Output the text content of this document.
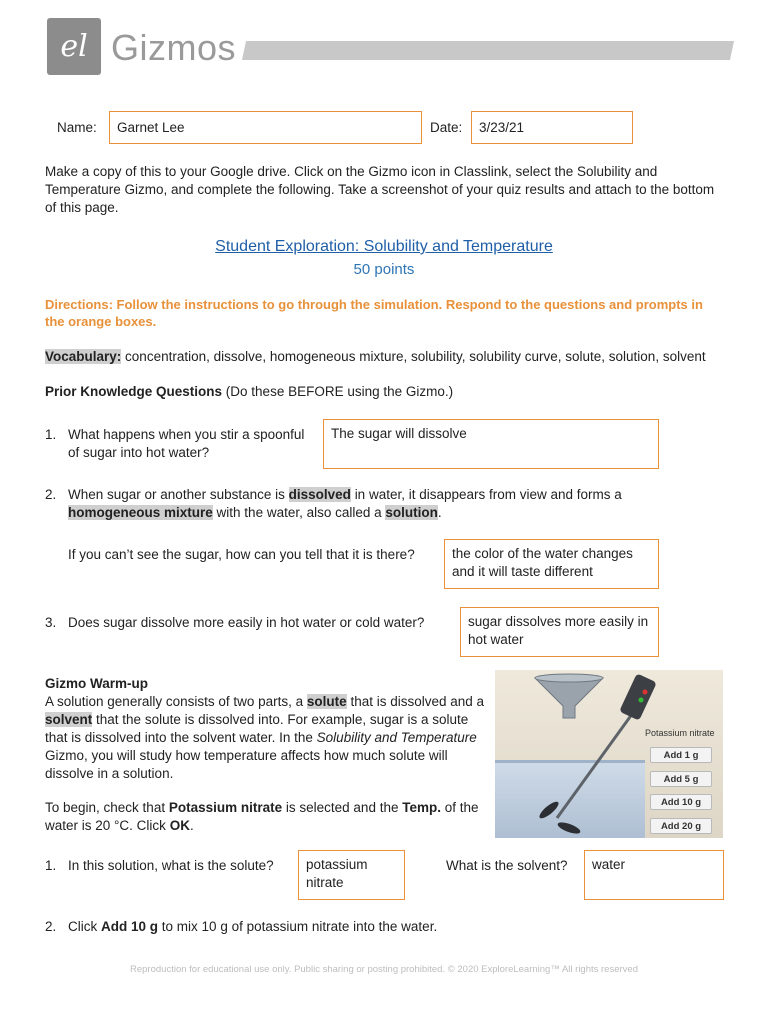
el Gizmos
Name:	Garnet Lee	Date:	3/23/21
Make a copy of this to your Google drive. Click on the Gizmo icon in Classlink, select the Solubility and Temperature Gizmo, and complete the following. Take a screenshot of your quiz results and attach to the bottom of this page.
Student Exploration: Solubility and Temperature
50 points
Directions: Follow the instructions to go through the simulation. Respond to the questions and prompts in the orange boxes.
Vocabulary: concentration, dissolve, homogeneous mixture, solubility, solubility curve, solute, solution, solvent
Prior Knowledge Questions (Do these BEFORE using the Gizmo.)
1. What happens when you stir a spoonful
of sugar into hot water?
The sugar will dissolve
2. When sugar or another substance is dissolved in water, it disappears from view and forms a homogeneous mixture with the water, also called a solution.
If you can’t see the sugar, how can you tell that it is there?	the color of the water changes and it will taste different
3. Does sugar dissolve more easily in hot water or cold water?	sugar dissolves more easily in hot water
Gizmo Warm-up
A solution generally consists of two parts, a solute that is dissolved and a solvent that the solute is dissolved into. For example, sugar is a solute that is dissolved into the solvent water. In the Solubility and Temperature Gizmo, you will study how temperature affects how much solute will dissolve in a solution.
To begin, check that Potassium nitrate is selected and the Temp. of the water is 20 °C. Click OK.
Potassium nitrate
Add 1 g
Add 5 g
Add 10 g
Add 20 g
1. In this solution, what is the solute?	potassium nitrate
What is the solvent?	water
2. Click Add 10 g to mix 10 g of potassium nitrate into the water.
Reproduction for educational use only. Public sharing or posting prohibited. © 2020 ExploreLearning™ All rights reserved
